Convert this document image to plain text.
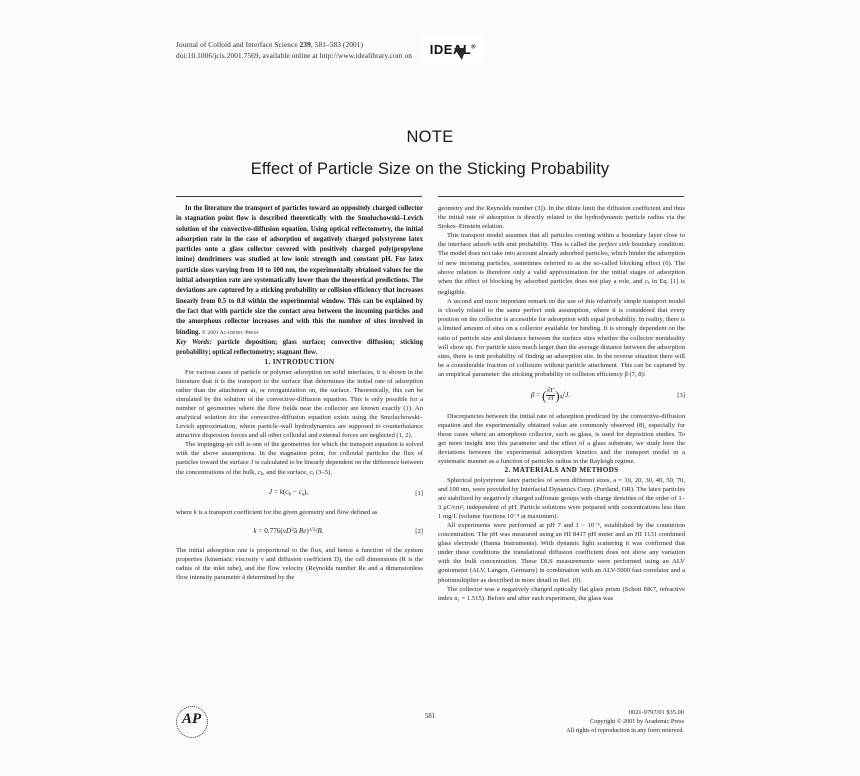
Journal of Colloid and Interface Science 239, 581–583 (2001)
doi:10.1006/jcis.2001.7569, available online at http://www.idealibrary.com on	IDEAL®
NOTE
Effect of Particle Size on the Sticking Probability

In the literature the transport of particles toward an oppositely charged collector in stagnation point flow is described theoretically with the Smoluchowski–Levich solution of the convective-diffusion equation. Using optical reflectometry, the initial adsorption rate in the case of adsorption of negatively charged polystyrene latex particles onto a glass collector covered with positively charged poly(propylene imine) dendrimers was studied at low ionic strength and constant pH. For latex particle sizes varying from 10 to 100 nm, the experimentally obtained values for the initial adsorption rate are systematically lower than the theoretical predictions. The deviations are captured by a sticking probability or collision efficiency that increases linearly from 0.5 to 0.8 within the experimental window. This can be explained by the fact that with particle size the contact area between the incoming particles and the amorphous collector increases and with this the number of sites involved in binding. © 2001 Academic Press

Key Words: particle deposition; glass surface; convective diffusion; sticking probability; optical reflectometry; stagnant flow.

1. INTRODUCTION

For various cases of particle or polymer adsorption on solid interfaces, it is shown in the literature that it is the transport to the surface that determines the initial rate of adsorption rather than the attachment at, or reorganization on, the surface. Theoretically, this can be simulated by the solution of the convective-diffusion equation. This is only possible for a number of geometries where the flow fields near the collector are known exactly (1). An analytical solution for the convective-diffusion equation exists using the Smoluchowski–Levich approximation, where particle–wall hydrodynamics are supposed to counterbalance attractive dispersion forces and all other colloidal and external forces are neglected (1, 2).

The impinging-jet cell is one of the geometries for which the transport equation is solved with the above assumptions. In the stagnation point, for colloidal particles the flux of particles toward the surface J is calculated to be linearly dependent on the difference between the concentrations of the bulk, $c_b$, and the surface, $c_s$ (3–5),

$J = k(c_b - c_s)$,	[1]

where k is a transport coefficient for the given geometry and flow defined as

$k = 0.776(\nu D^2ã$ Re)$^{1/3}$/R.	[2]

The initial adsorption rate is proportional to the flux, and hence a function of the system properties (kinematic viscosity ν and diffusion coefficient D), the cell dimensions (R is the radius of the inlet tube), and the flow velocity (Reynolds number Re and a dimensionless flow intensity parameter ã determined by the

geometry and the Reynolds number (3)). In the dilute limit the diffusion coefficient and thus the initial rate of adsorption is directly related to the hydrodynamic particle radius via the Stokes–Einstein relation.

This transport model assumes that all particles coming within a boundary layer close to the interface adsorb with unit probability. This is called the perfect sink boundary condition. The model does not take into account already adsorbed particles, which hinder the adsorption of new incoming particles, sometimes referred to as the so-called blocking effect (6). The above relation is therefore only a valid approximation for the initial stages of adsorption when the effect of blocking by adsorbed particles does not play a role, and $c_s$ in Eq. [1] is negligible.

A second and more important remark on the use of this relatively simple transport model is closely related to the same perfect sink assumption, where it is considered that every position on the collector is accessible for adsorption with equal probability. In reality, there is a limited amount of sites on a collector available for binding. It is strongly dependent on the ratio of particle size and distance between the surface sites whether the collector nonideality will show up. For particle sizes much larger than the average distance between the adsorption sites, there is unit probability of finding an adsorption site. In the reverse situation there will be a considerable fraction of collisions without particle attachment. This can be captured by an empirical parameter: the sticking probability or collision efficiency β (7, 8):

β = ( $\frac{\partial\Gamma}{\partial t} )_0/J$.	[3]

Discrepancies between the initial rate of adsorption predicted by the convective-diffusion equation and the experimentally obtained value are commonly observed (8), especially for those cases where an amorphous collector, such as glass, is used for deposition studies. To get more insight into this parameter and the effect of a glass substrate, we study here the deviations between the experimental adsorption kinetics and the transport model in a systematic manner as a function of particles radius in the Rayleigh regime.

2. MATERIALS AND METHODS

Spherical polystyrene latex particles of seven different sizes, a = 10, 20, 30, 40, 50, 70, and 100 nm, were provided by Interfacial Dynamics Corp. (Portland, OR). The latex particles are stabilized by negatively charged sulfonate groups with charge densities of the order of 1–3 μC/cm², independent of pH. Particle solutions were prepared with concentrations less than 1 mg/L (volume fractions 10⁻⁴ at maximum).

All experiments were performed at pH 7 and I ~ 10⁻⁵, established by the counterion concentration. The pH was measured using an HI 8417 pH meter and an HI 1131 combined glass electrode (Hanna Instruments). With dynamic light scattering it was confirmed that under these conditions the translational diffusion coefficient does not show any variation with the bulk concentration. These DLS measurements were performed using an ALV goniometer (ALV, Langen, Germany) in combination with an ALV-5000 fast correlator and a photomultiplier as described in more detail in Ref. (9).

The collector was a negatively charged optically flat glass prism (Schott BK7, refractive index n₁ = 1.515). Before and after each experiment, the glass was

AP	581	0021-9797/01 $35.00
Copyright © 2001 by Academic Press
All rights of reproduction in any form reserved.
